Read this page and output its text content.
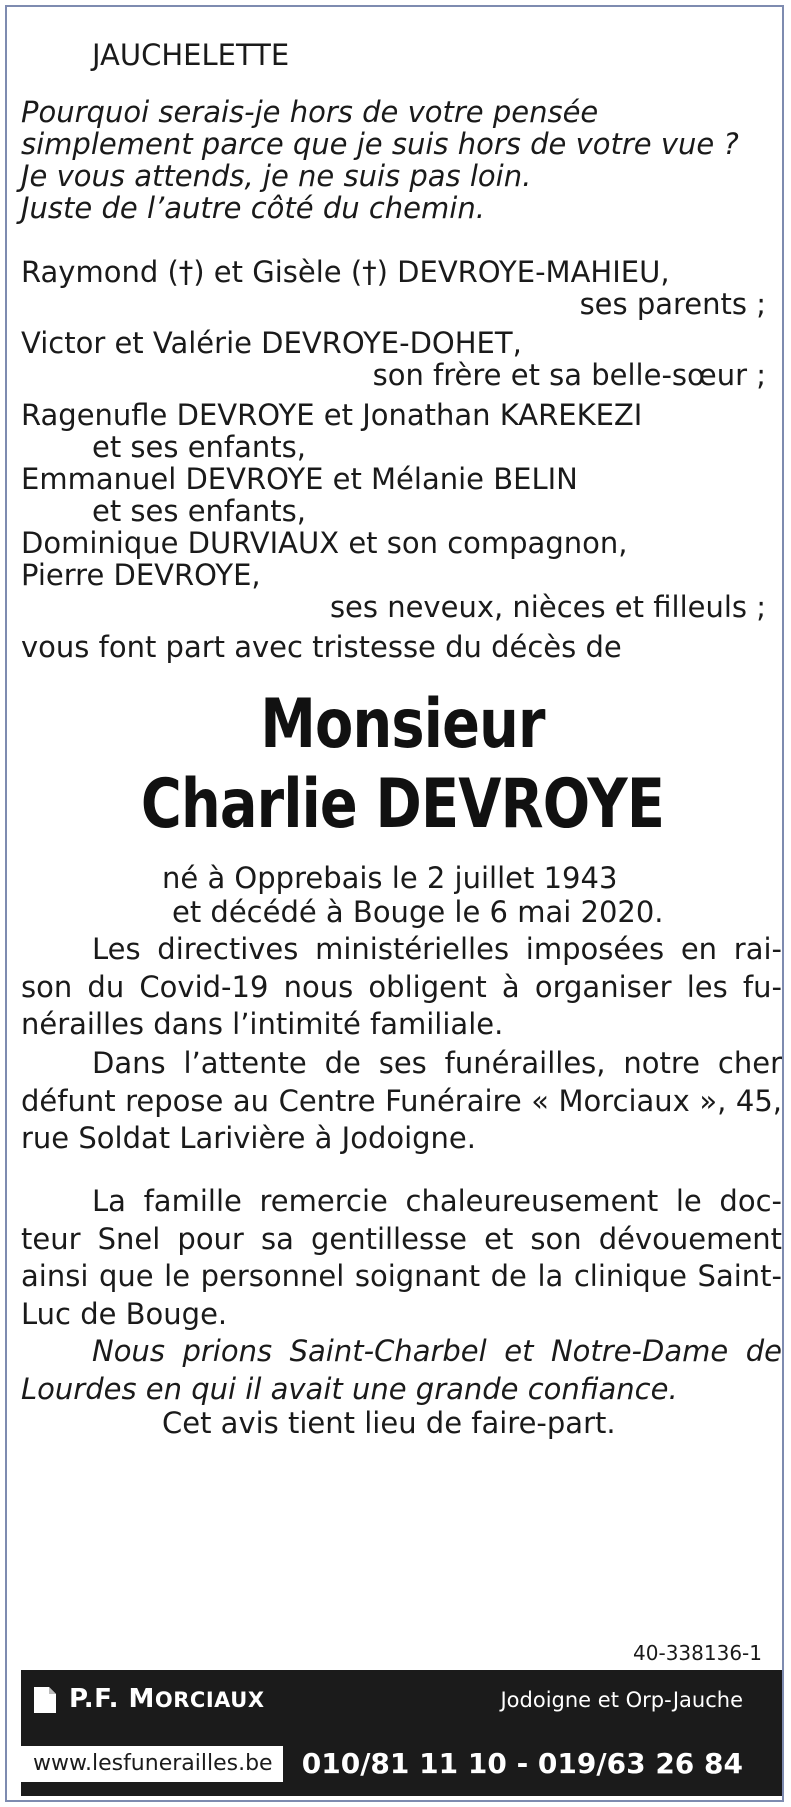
JAUCHELETTE
Pourquoi serais-je hors de votre pensée
simplement parce que je suis hors de votre vue ?
Je vous attends, je ne suis pas loin.
Juste de l’autre côté du chemin.
Raymond (†) et Gisèle (†) DEVROYE-MAHIEU,
ses parents ;
Victor et Valérie DEVROYE-DOHET,
son frère et sa belle-sœur ;
Ragenufle DEVROYE et Jonathan KAREKEZI
et ses enfants,
Emmanuel DEVROYE et Mélanie BELIN
et ses enfants,
Dominique DURVIAUX et son compagnon,
Pierre DEVROYE,
ses neveux, nièces et filleuls ;
vous font part avec tristesse du décès de
Monsieur
Charlie DEVROYE
né à Opprebais le 2 juillet 1943
et décédé à Bouge le 6 mai 2020.
Les directives ministérielles imposées en raison du Covid-19 nous obligent à organiser les funérailles dans l’intimité familiale.
Dans l’attente de ses funérailles, notre cher défunt repose au Centre Funéraire « Morciaux », 45, rue Soldat Larivière à Jodoigne.
La famille remercie chaleureusement le docteur Snel pour sa gentillesse et son dévouement ainsi que le personnel soignant de la clinique Saint-Luc de Bouge.
Nous prions Saint-Charbel et Notre-Dame de Lourdes en qui il avait une grande confiance.
Cet avis tient lieu de faire-part.
40-338136-1
P.F. MORCIAUX	Jodoigne et Orp-Jauche
www.lesfunerailles.be	010/81 11 10 - 019/63 26 84
